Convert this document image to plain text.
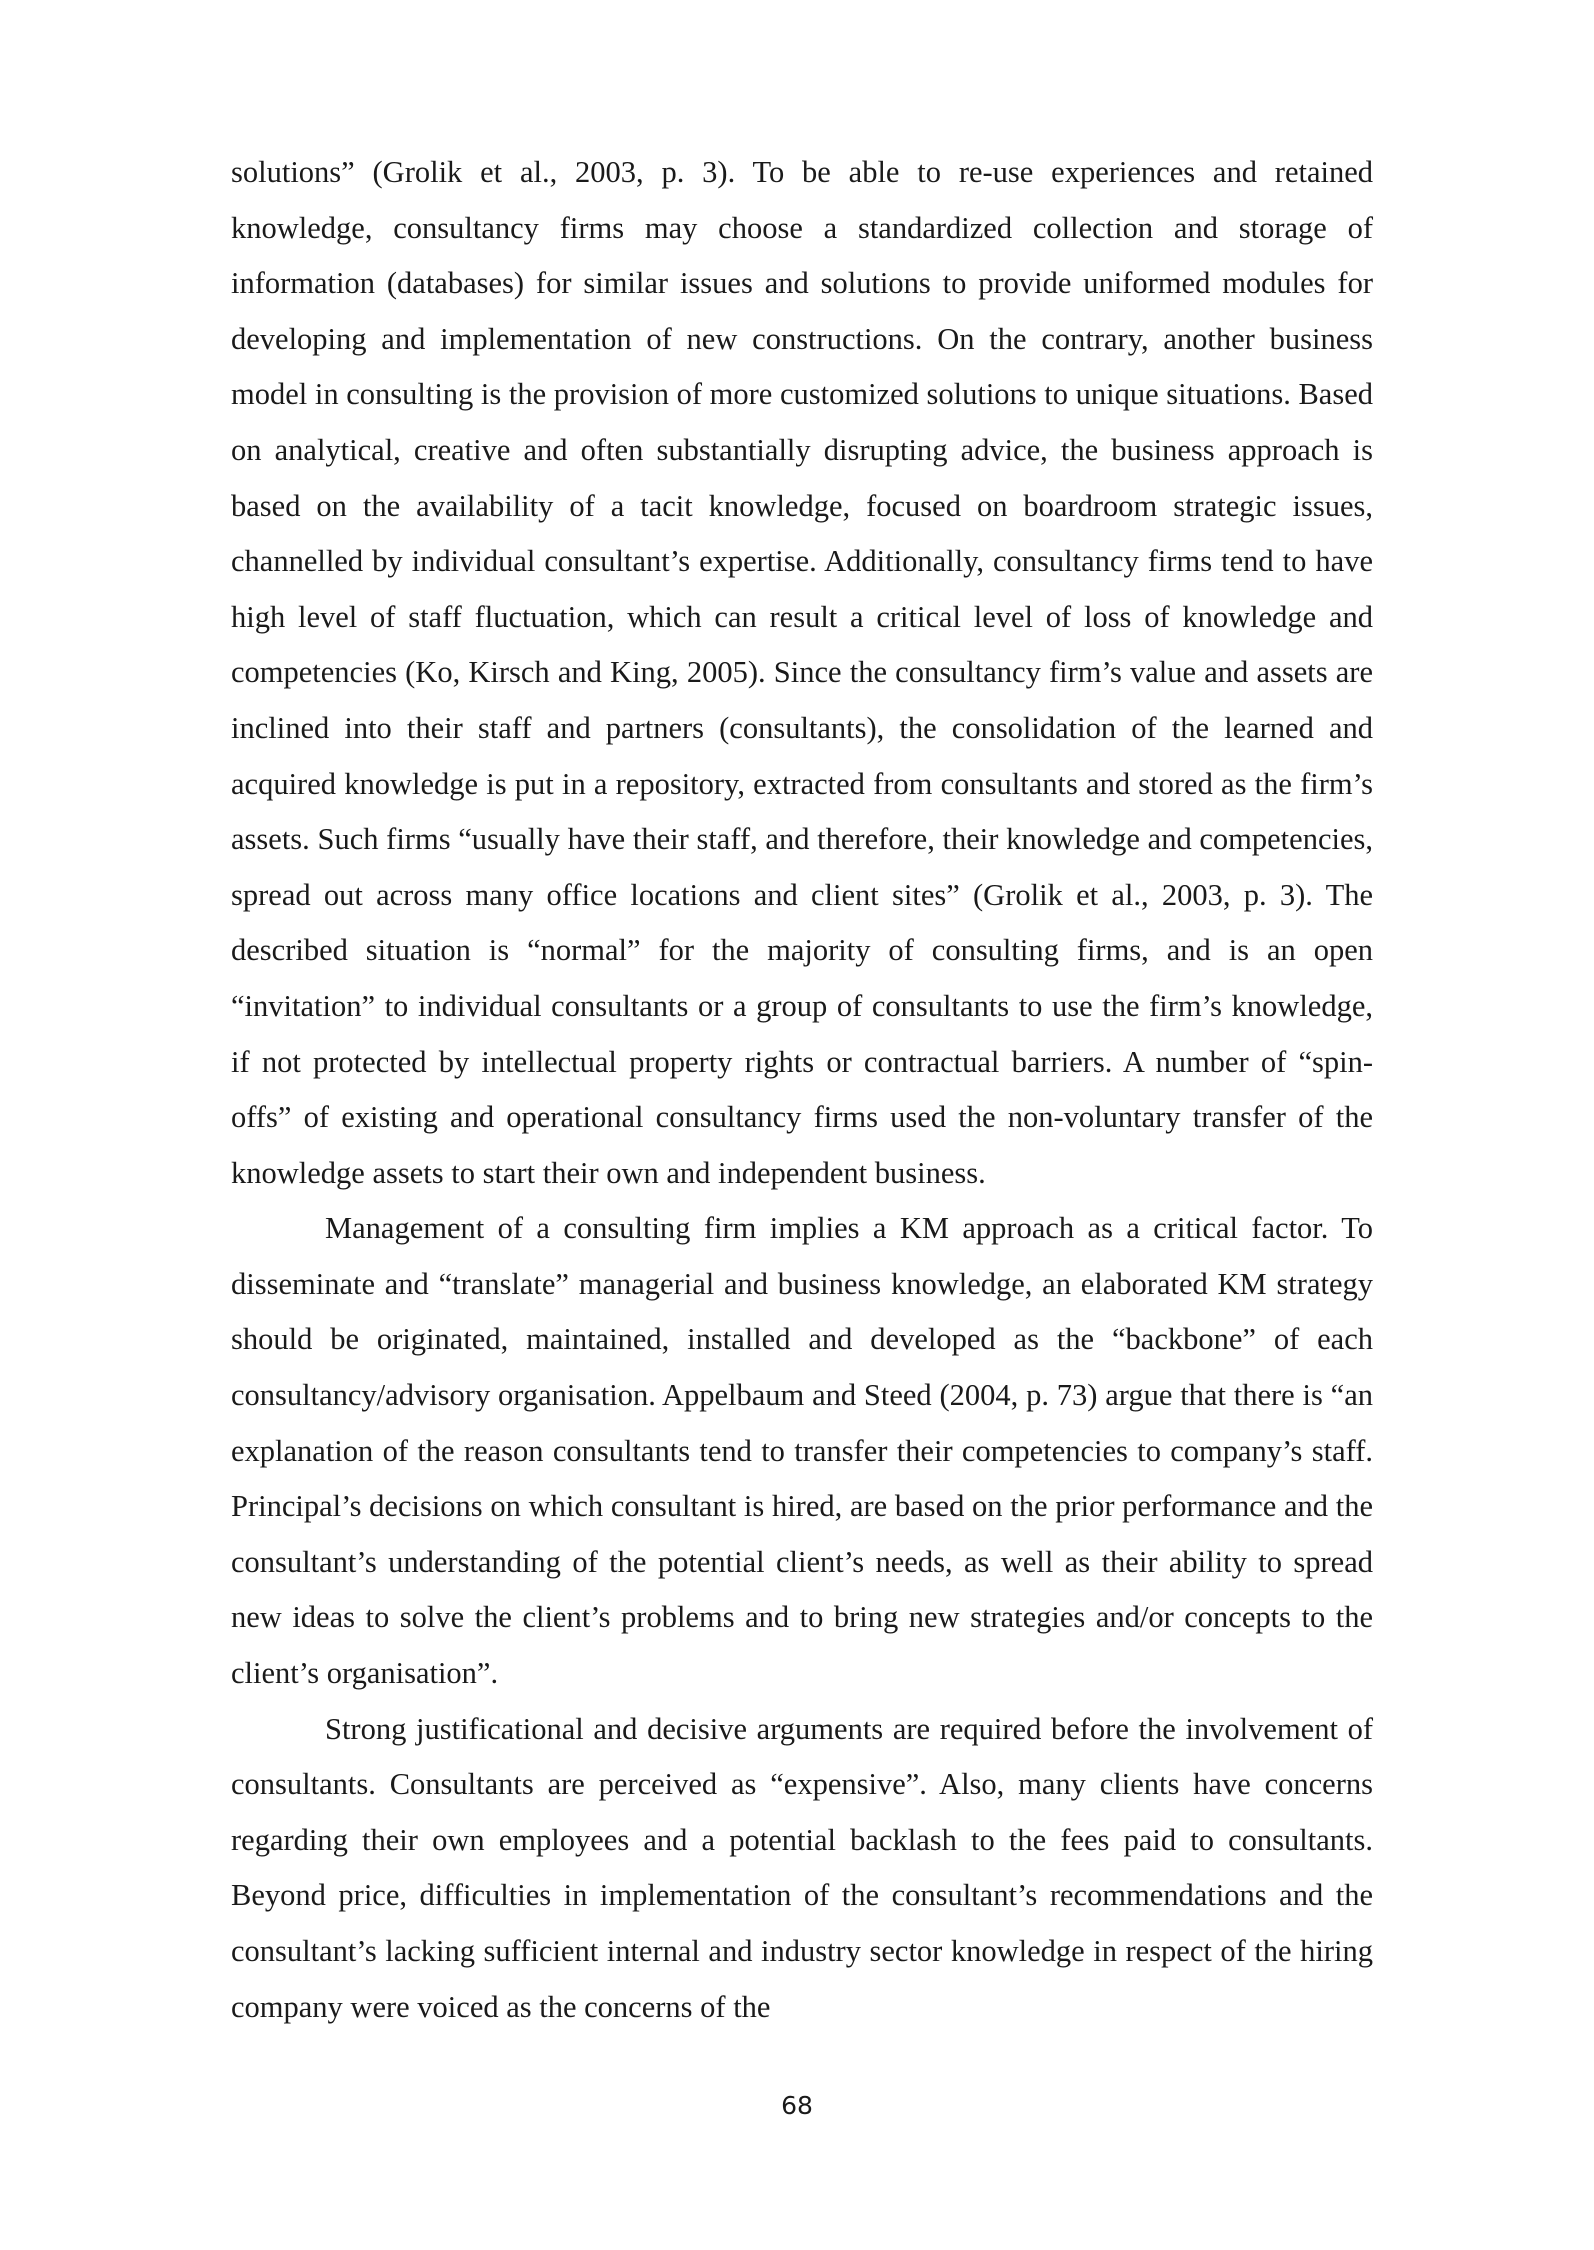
solutions” (Grolik et al., 2003, p. 3). To be able to re-use experiences and retained knowledge, consultancy firms may choose a standardized collection and storage of information (databases) for similar issues and solutions to provide uniformed modules for developing and implementation of new constructions. On the contrary, another business model in consulting is the provision of more customized solutions to unique situations. Based on analytical, creative and often substantially disrupting advice, the business approach is based on the availability of a tacit knowledge, focused on boardroom strategic issues, channelled by individual consultant’s expertise. Additionally, consultancy firms tend to have high level of staff fluctuation, which can result a critical level of loss of knowledge and competencies (Ko, Kirsch and King, 2005). Since the consultancy firm’s value and assets are inclined into their staff and partners (consultants), the consolidation of the learned and acquired knowledge is put in a repository, extracted from consultants and stored as the firm’s assets. Such firms “usually have their staff, and therefore, their knowledge and competencies, spread out across many office locations and client sites” (Grolik et al., 2003, p. 3). The described situation is “normal” for the majority of consulting firms, and is an open “invitation” to individual consultants or a group of consultants to use the firm’s knowledge, if not protected by intellectual property rights or contractual barriers. A number of “spin-offs” of existing and operational consultancy firms used the non-voluntary transfer of the knowledge assets to start their own and independent business.

Management of a consulting firm implies a KM approach as a critical factor. To disseminate and “translate” managerial and business knowledge, an elaborated KM strategy should be originated, maintained, installed and developed as the “backbone” of each consultancy/advisory organisation. Appelbaum and Steed (2004, p. 73) argue that there is “an explanation of the reason consultants tend to transfer their competencies to company’s staff. Principal’s decisions on which consultant is hired, are based on the prior performance and the consultant’s understanding of the potential client’s needs, as well as their ability to spread new ideas to solve the client’s problems and to bring new strategies and/or concepts to the client’s organisation”.

Strong justificational and decisive arguments are required before the involvement of consultants. Consultants are perceived as “expensive”. Also, many clients have concerns regarding their own employees and a potential backlash to the fees paid to consultants. Beyond price, difficulties in implementation of the consultant’s recommendations and the consultant’s lacking sufficient internal and industry sector knowledge in respect of the hiring company were voiced as the concerns of the

68
